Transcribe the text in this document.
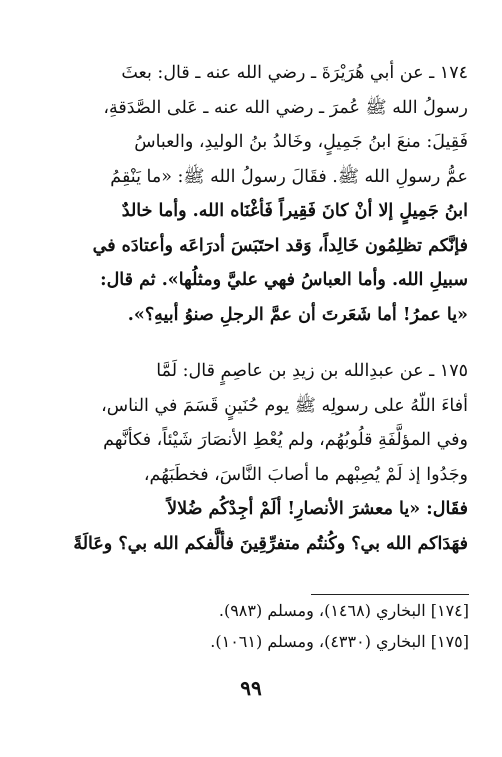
١٧٤ ـ عن أبي هُرَيْرَةَ ـ رضي الله عنه ـ قال: بعثَ
رسولُ الله ﷺ عُمرَ ـ رضي الله عنه ـ عَلى الصَّدَقةِ،
فَقِيلَ: منعَ ابنُ جَمِيلٍ، وخَالدُ بنُ الوليدِ، والعباسُ
عمُّ رسولِ الله ﷺ. فقَالَ رسولُ الله ﷺ: «ما يَنْقِمُ
ابنُ جَمِيلٍ إلا أنْ كانَ فَقِيراً فَأغْنَاه الله. وأما خالدٌ
فإنَّكم تظلِمُون خَالِداً، وَقد احتَبَسَ أدرَاعَه وأعتادَه في
سبيلِ الله. وأما العباسُ فهي عليَّ ومثلُها». ثم قال:
«يا عمرُ! أما شَعَرتَ أن عمَّ الرجلِ صنوُ أبيهِ؟».
١٧٥ ـ عن عبدِالله بن زيدِ بن عاصِمٍ قال: لَمَّا
أفاءَ اللّهُ على رسولِه ﷺ يوم حُنَينٍ قَسَمَ في الناس،
وفي المؤلَّفَةِ قلُوبُهُم، ولم يُعْطِ الأنصَارَ شَيْئاً، فكأنَّهم
وجَدُوا إذ لَمْ يُصِبْهم ما أصابَ النَّاسَ، فخطَبَهُم،
فقَال: «يا معشرَ الأنصارِ! ألَمْ أجِدْكُم ضُلالاً
فهَدَاكم الله بي؟ وكُنتُم متفرِّقِينَ فألَّفكم الله بي؟ وعَالَةً
[١٧٤] البخاري (١٤٦٨)، ومسلم (٩٨٣).
[١٧٥] البخاري (٤٣٣٠)، ومسلم (١٠٦١).
٩٩
